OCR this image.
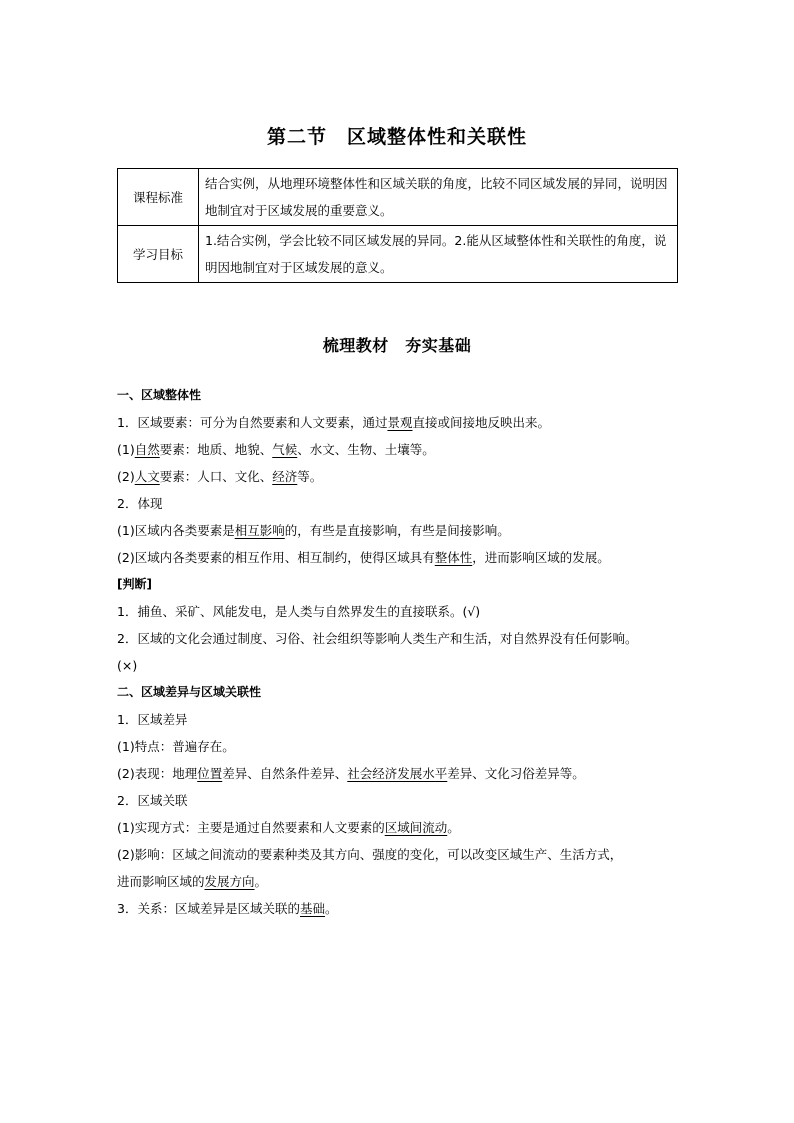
第二节　区域整体性和关联性
课程标准	结合实例，从地理环境整体性和区域关联的角度，比较不同区域发展的异同，说明因地制宜对于区域发展的重要意义。
学习目标	1.结合实例，学会比较不同区域发展的异同。2.能从区域整体性和关联性的角度，说明因地制宜对于区域发展的意义。
梳理教材　夯实基础

一、区域整体性

1．区域要素：可分为自然要素和人文要素，通过景观直接或间接地反映出来。

(1)自然要素：地质、地貌、气候、水文、生物、土壤等。

(2)人文要素：人口、文化、经济等。

2．体现

(1)区域内各类要素是相互影响的，有些是直接影响，有些是间接影响。

(2)区域内各类要素的相互作用、相互制约，使得区域具有整体性，进而影响区域的发展。

[判断]

1．捕鱼、采矿、风能发电，是人类与自然界发生的直接联系。(√)

2．区域的文化会通过制度、习俗、社会组织等影响人类生产和生活，对自然界没有任何影响。

(×)

二、区域差异与区域关联性

1．区域差异

(1)特点：普遍存在。

(2)表现：地理位置差异、自然条件差异、社会经济发展水平差异、文化习俗差异等。

2．区域关联

(1)实现方式：主要是通过自然要素和人文要素的区域间流动。

(2)影响：区域之间流动的要素种类及其方向、强度的变化，可以改变区域生产、生活方式，

进而影响区域的发展方向。

3．关系：区域差异是区域关联的基础。
